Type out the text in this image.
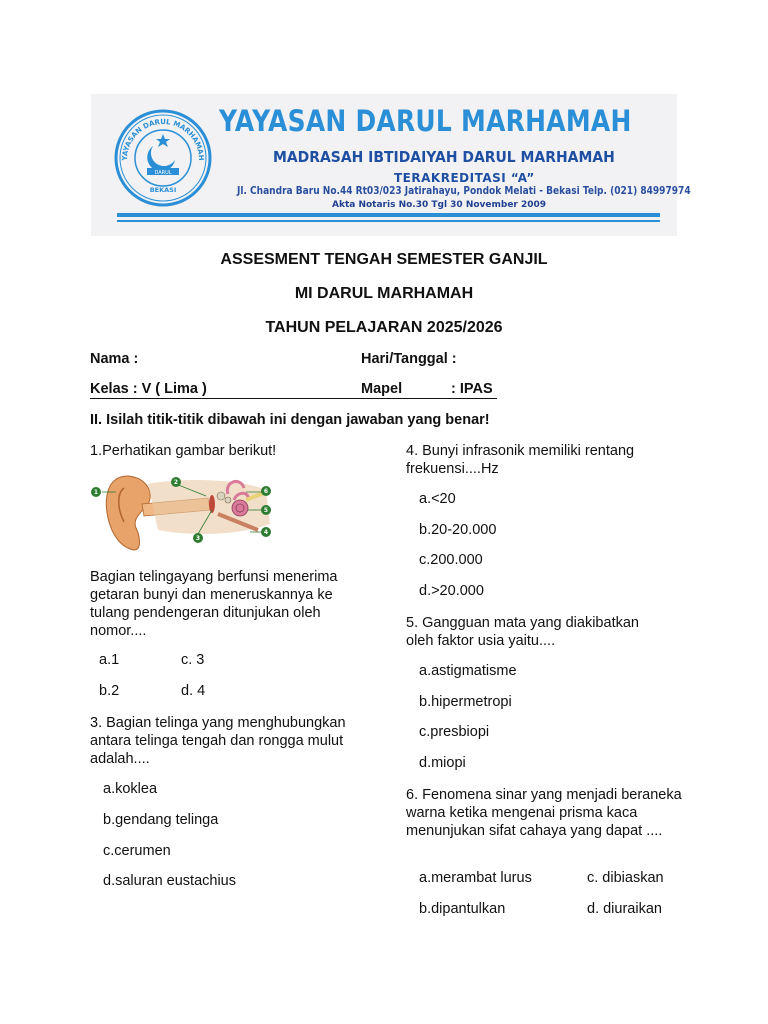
YAYASAN DARUL MARHAMAH
DARUL
BEKASI
YAYASAN DARUL MARHAMAH
MADRASAH IBTIDAIYAH DARUL MARHAMAH
TERAKREDITASI “A”
Jl. Chandra Baru No.44 Rt03/023 Jatirahayu, Pondok Melati - Bekasi Telp. (021) 84997974
Akta Notaris No.30 Tgl 30 November 2009
ASSESMENT TENGAH SEMESTER GANJIL
MI DARUL MARHAMAH
TAHUN PELAJARAN 2025/2026
Nama :	Hari/Tanggal :
Kelas : V ( Lima )	Mapel	: IPAS
II. Isilah titik-titik dibawah ini dengan jawaban yang benar!
1.Perhatikan gambar berikut!
1
2
3
4
5
6
Bagian telingayang berfunsi menerima getaran bunyi dan meneruskannya ke tulang pendengeran ditunjukan oleh nomor....
a.1	c. 3
b.2	d. 4
3. Bagian telinga yang menghubungkan antara telinga tengah dan rongga mulut adalah....
a.koklea
b.gendang telinga
c.cerumen
d.saluran eustachius
4. Bunyi infrasonik memiliki rentang frekuensi....Hz
a.<20
b.20-20.000
c.200.000
d.>20.000
5. Gangguan mata yang diakibatkan oleh faktor usia yaitu....
a.astigmatisme
b.hipermetropi
c.presbiopi
d.miopi
6. Fenomena sinar yang menjadi beraneka warna ketika mengenai prisma kaca menunjukan sifat cahaya yang dapat ....
a.merambat lurus	c. dibiaskan
b.dipantulkan	d. diuraikan
